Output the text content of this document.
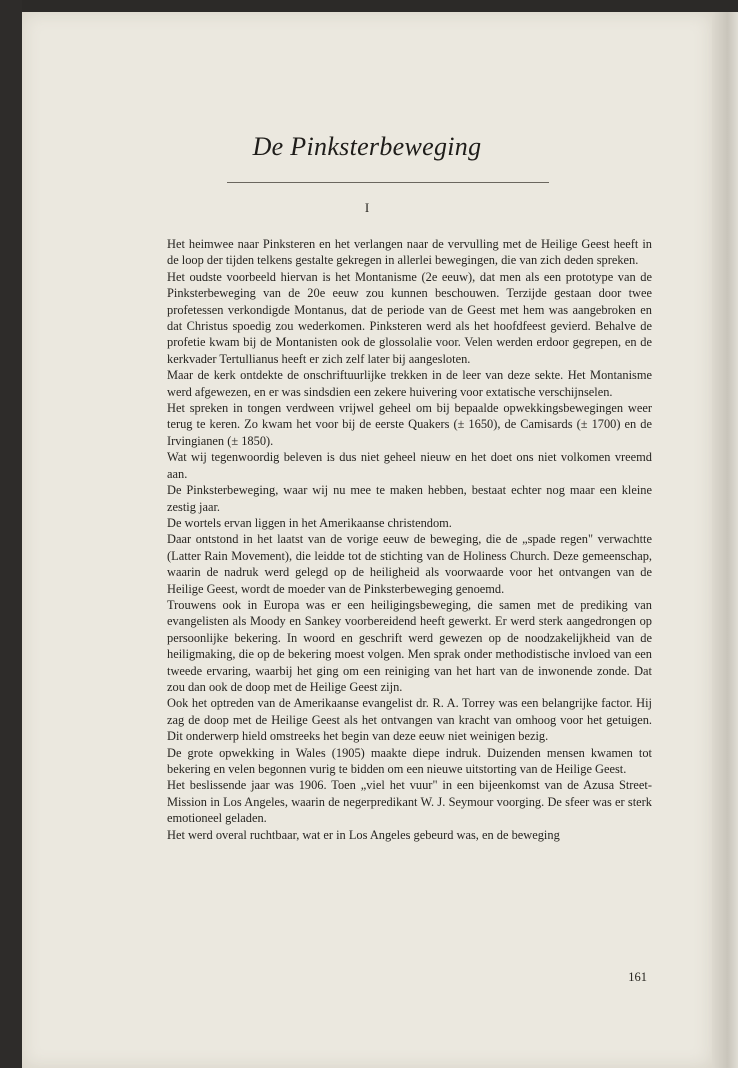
De Pinksterbeweging
I

Het heimwee naar Pinksteren en het verlangen naar de vervulling met de Heilige Geest heeft in de loop der tijden telkens gestalte gekregen in allerlei bewegingen, die van zich deden spreken.

Het oudste voorbeeld hiervan is het Montanisme (2e eeuw), dat men als een prototype van de Pinksterbeweging van de 20e eeuw zou kunnen beschouwen. Terzijde gestaan door twee profetessen verkondigde Montanus, dat de periode van de Geest met hem was aangebroken en dat Christus spoedig zou wederkomen. Pinksteren werd als het hoofdfeest gevierd. Behalve de profetie kwam bij de Montanisten ook de glossolalie voor. Velen werden erdoor gegrepen, en de kerkvader Tertullianus heeft er zich zelf later bij aangesloten.

Maar de kerk ontdekte de onschriftuurlijke trekken in de leer van deze sekte. Het Montanisme werd afgewezen, en er was sindsdien een zekere huivering voor extatische verschijnselen.

Het spreken in tongen verdween vrijwel geheel om bij bepaalde opwekkingsbewegingen weer terug te keren. Zo kwam het voor bij de eerste Quakers (± 1650), de Camisards (± 1700) en de Irvingianen (± 1850).

Wat wij tegenwoordig beleven is dus niet geheel nieuw en het doet ons niet volkomen vreemd aan.

De Pinksterbeweging, waar wij nu mee te maken hebben, bestaat echter nog maar een kleine zestig jaar.

De wortels ervan liggen in het Amerikaanse christendom.

Daar ontstond in het laatst van de vorige eeuw de beweging, die de „spade regen" verwachtte (Latter Rain Movement), die leidde tot de stichting van de Holiness Church. Deze gemeenschap, waarin de nadruk werd gelegd op de heiligheid als voorwaarde voor het ontvangen van de Heilige Geest, wordt de moeder van de Pinksterbeweging genoemd.

Trouwens ook in Europa was er een heiligingsbeweging, die samen met de prediking van evangelisten als Moody en Sankey voorbereidend heeft gewerkt. Er werd sterk aangedrongen op persoonlijke bekering. In woord en geschrift werd gewezen op de noodzakelijkheid van de heiligmaking, die op de bekering moest volgen. Men sprak onder methodistische invloed van een tweede ervaring, waarbij het ging om een reiniging van het hart van de inwonende zonde. Dat zou dan ook de doop met de Heilige Geest zijn.

Ook het optreden van de Amerikaanse evangelist dr. R. A. Torrey was een belangrijke factor. Hij zag de doop met de Heilige Geest als het ontvangen van kracht van omhoog voor het getuigen. Dit onderwerp hield omstreeks het begin van deze eeuw niet weinigen bezig.

De grote opwekking in Wales (1905) maakte diepe indruk. Duizenden mensen kwamen tot bekering en velen begonnen vurig te bidden om een nieuwe uitstorting van de Heilige Geest.

Het beslissende jaar was 1906. Toen „viel het vuur" in een bijeenkomst van de Azusa Street-Mission in Los Angeles, waarin de negerpredikant W. J. Seymour voorging. De sfeer was er sterk emotioneel geladen.

Het werd overal ruchtbaar, wat er in Los Angeles gebeurd was, en de beweging

161
